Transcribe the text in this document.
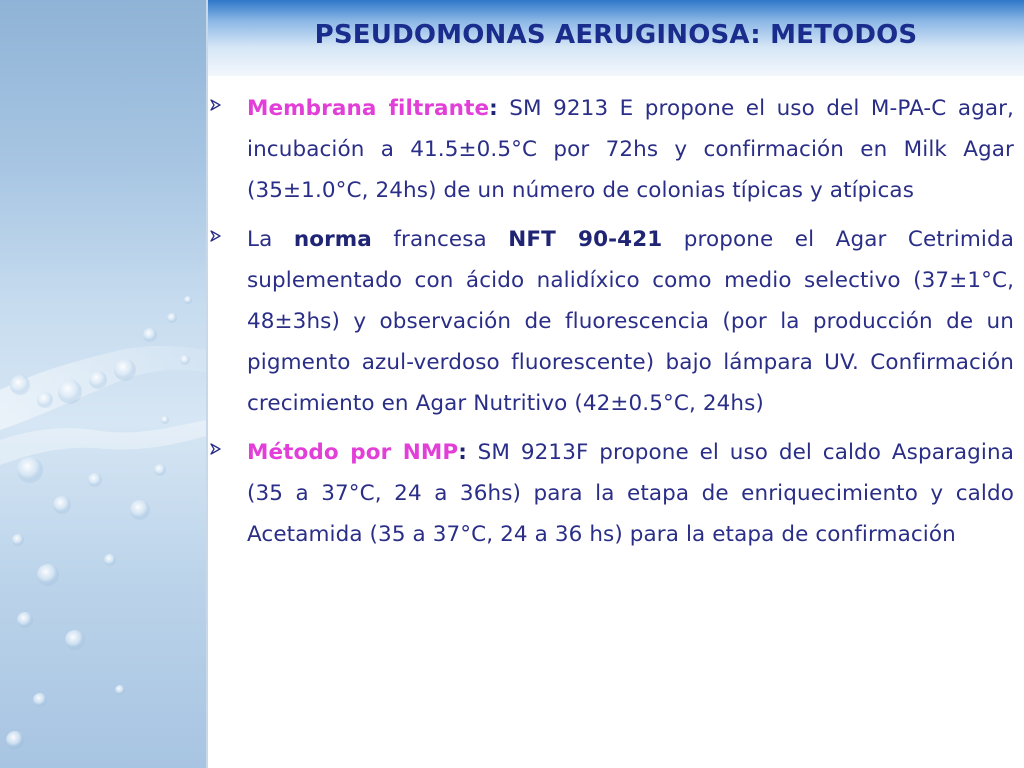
PSEUDOMONAS AERUGINOSA: METODOS

Membrana filtrante: SM 9213 E propone el uso del M-PA-C agar, incubación a 41.5±0.5°C por 72hs y confirmación en Milk Agar (35±1.0°C, 24hs) de un número de colonias típicas y atípicas

La norma francesa NFT 90-421 propone el Agar Cetrimida suplementado con ácido nalidíxico como medio selectivo (37±1°C, 48±3hs) y observación de fluorescencia (por la producción de un pigmento azul-verdoso fluorescente) bajo lámpara UV. Confirmación crecimiento en Agar Nutritivo (42±0.5°C, 24hs)

Método por NMP: SM 9213F propone el uso del caldo Asparagina (35 a 37°C, 24 a 36hs) para la etapa de enriquecimiento y caldo Acetamida (35 a 37°C, 24 a 36 hs) para la etapa de confirmación
